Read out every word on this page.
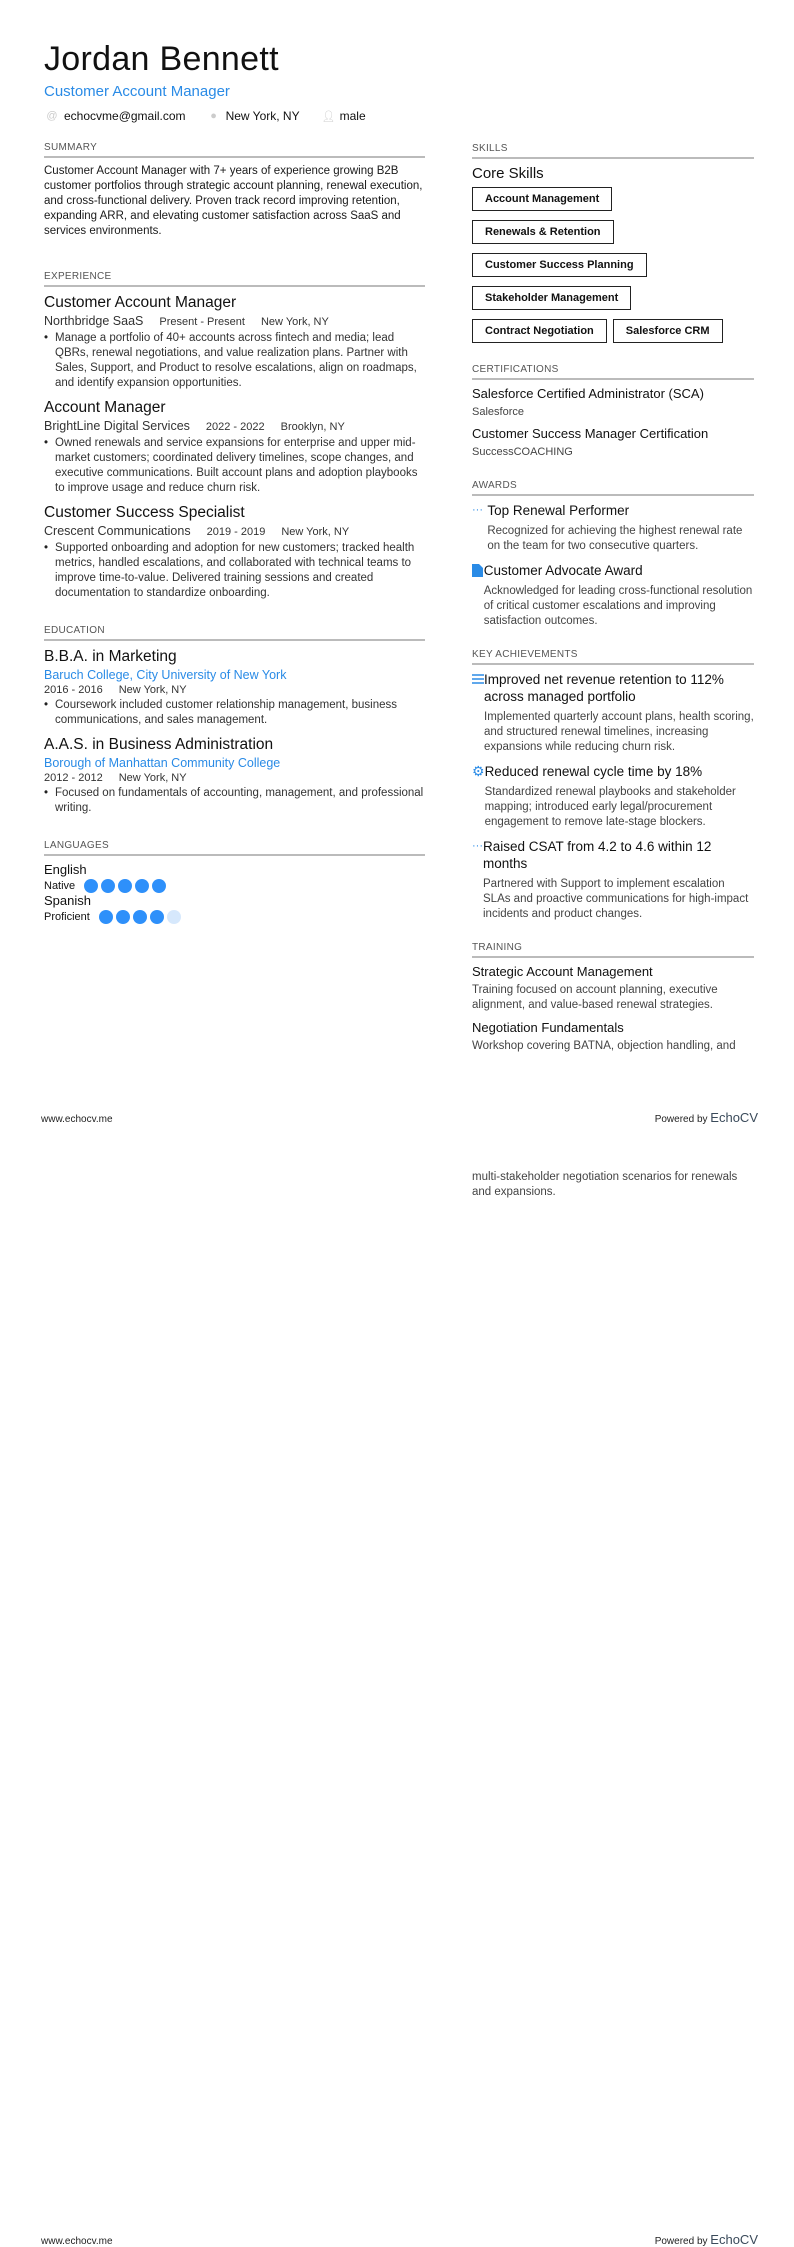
Jordan Bennett
Customer Account Manager
@ echocvme@gmail.com ● New York, NY 👤︎ male
SUMMARY
Customer Account Manager with 7+ years of experience growing B2B customer portfolios through strategic account planning, renewal execution, and cross-functional delivery. Proven track record improving retention, expanding ARR, and elevating customer satisfaction across SaaS and services environments.
EXPERIENCE
Customer Account Manager
Northbridge SaaS Present - Present New York, NY
• Manage a portfolio of 40+ accounts across fintech and media; lead QBRs, renewal negotiations, and value realization plans. Partner with Sales, Support, and Product to resolve escalations, align on roadmaps, and identify expansion opportunities.
Account Manager
BrightLine Digital Services 2022 - 2022 Brooklyn, NY
• Owned renewals and service expansions for enterprise and upper mid-market customers; coordinated delivery timelines, scope changes, and executive communications. Built account plans and adoption playbooks to improve usage and reduce churn risk.
Customer Success Specialist
Crescent Communications 2019 - 2019 New York, NY
• Supported onboarding and adoption for new customers; tracked health metrics, handled escalations, and collaborated with technical teams to improve time-to-value. Delivered training sessions and created documentation to standardize onboarding.
EDUCATION
B.B.A. in Marketing
Baruch College, City University of New York
2016 - 2016 New York, NY
• Coursework included customer relationship management, business communications, and sales management.
A.A.S. in Business Administration
Borough of Manhattan Community College
2012 - 2012 New York, NY
• Focused on fundamentals of accounting, management, and professional writing.
LANGUAGES
English
Native

Spanish
Proficient
SKILLS
Core Skills
Account Management
Renewals & Retention
Customer Success Planning
Stakeholder Management
Contract Negotiation	Salesforce CRM
CERTIFICATIONS
Salesforce Certified Administrator (SCA)
Salesforce
Customer Success Manager Certification
SuccessCOACHING
AWARDS
··· Top Renewal Performer
Recognized for achieving the highest renewal rate on the team for two consecutive quarters.
Customer Advocate Award
Acknowledged for leading cross-functional resolution of critical customer escalations and improving satisfaction outcomes.
KEY ACHIEVEMENTS
Improved net revenue retention to 112% across managed portfolio
Implemented quarterly account plans, health scoring, and structured renewal timelines, increasing expansions while reducing churn risk.
⚙ Reduced renewal cycle time by 18%
Standardized renewal playbooks and stakeholder mapping; introduced early legal/procurement engagement to remove late-stage blockers.
··· Raised CSAT from 4.2 to 4.6 within 12 months
Partnered with Support to implement escalation SLAs and proactive communications for high-impact incidents and product changes.
TRAINING
Strategic Account Management
Training focused on account planning, executive alignment, and value-based renewal strategies.
Negotiation Fundamentals
Workshop covering BATNA, objection handling, and
www.echocv.me	Powered by EchoCV
multi-stakeholder negotiation scenarios for renewals and expansions.
www.echocv.me	Powered by EchoCV
